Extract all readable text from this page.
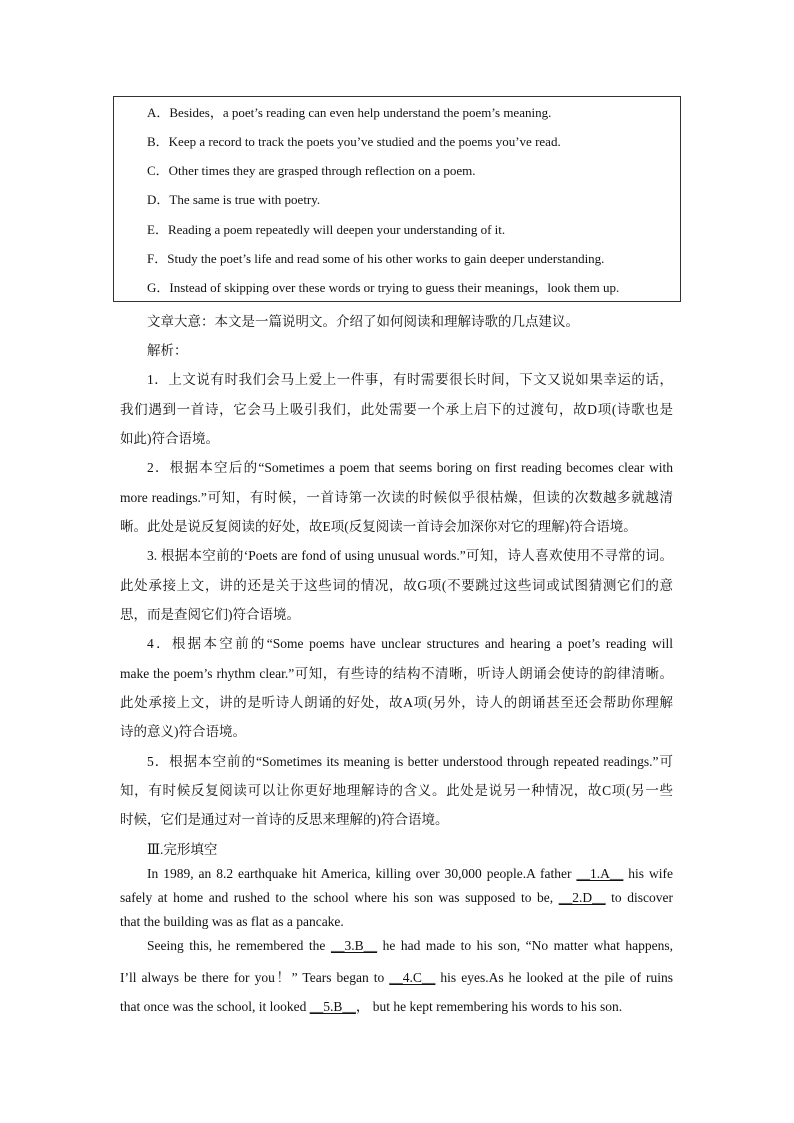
A．Besides，a poet’s reading can even help understand the poem’s meaning.
B．Keep a record to track the poets you’ve studied and the poems you’ve read.
C．Other times they are grasped through reflection on a poem.
D．The same is true with poetry.
E．Reading a poem repeatedly will deepen your understanding of it.
F．Study the poet’s life and read some of his other works to gain deeper understanding.
G．Instead of skipping over these words or trying to guess their meanings，look them up.
文章大意：本文是一篇说明文。介绍了如何阅读和理解诗歌的几点建议。
解析：
1．上文说有时我们会马上爱上一件事，有时需要很长时间，下文又说如果幸运的话，
我们遇到一首诗，它会马上吸引我们，此处需要一个承上启下的过渡句，故D项(诗歌也是
如此)符合语境。
2．根据本空后的“Sometimes a poem that seems boring on first reading becomes clear with
more readings.”可知，有时候，一首诗第一次读的时候似乎很枯燥，但读的次数越多就越清
晰。此处是说反复阅读的好处，故E项(反复阅读一首诗会加深你对它的理解)符合语境。
3. 根据本空前的‘Poets are fond of using unusual words.”可知，诗人喜欢使用不寻常的词。
此处承接上文，讲的还是关于这些词的情况，故G项(不要跳过这些词或试图猜测它们的意
思，而是查阅它们)符合语境。
4．根据本空前的“Some poems have unclear structures and hearing a poet’s reading will
make the poem’s rhythm clear.”可知，有些诗的结构不清晰，听诗人朗诵会使诗的韵律清晰。
此处承接上文，讲的是听诗人朗诵的好处，故A项(另外，诗人的朗诵甚至还会帮助你理解
诗的意义)符合语境。
5．根据本空前的“Sometimes its meaning is better understood through repeated readings.”可
知，有时候反复阅读可以让你更好地理解诗的含义。此处是说另一种情况，故C项(另一些
时候，它们是通过对一首诗的反思来理解的)符合语境。
Ⅲ.完形填空
In 1989, an 8.2 earthquake hit America, killing over 30,000 people.A father __1.A__ his wife
safely at home and rushed to the school where his son was supposed to be, __2.D__ to discover
that the building was as flat as a pancake.
Seeing this, he remembered the __3.B__ he had made to his son, “No matter what happens,
I’ll always be there for you！” Tears began to __4.C__ his eyes.As he looked at the pile of ruins
that once was the school, it looked __5.B__， but he kept remembering his words to his son.
